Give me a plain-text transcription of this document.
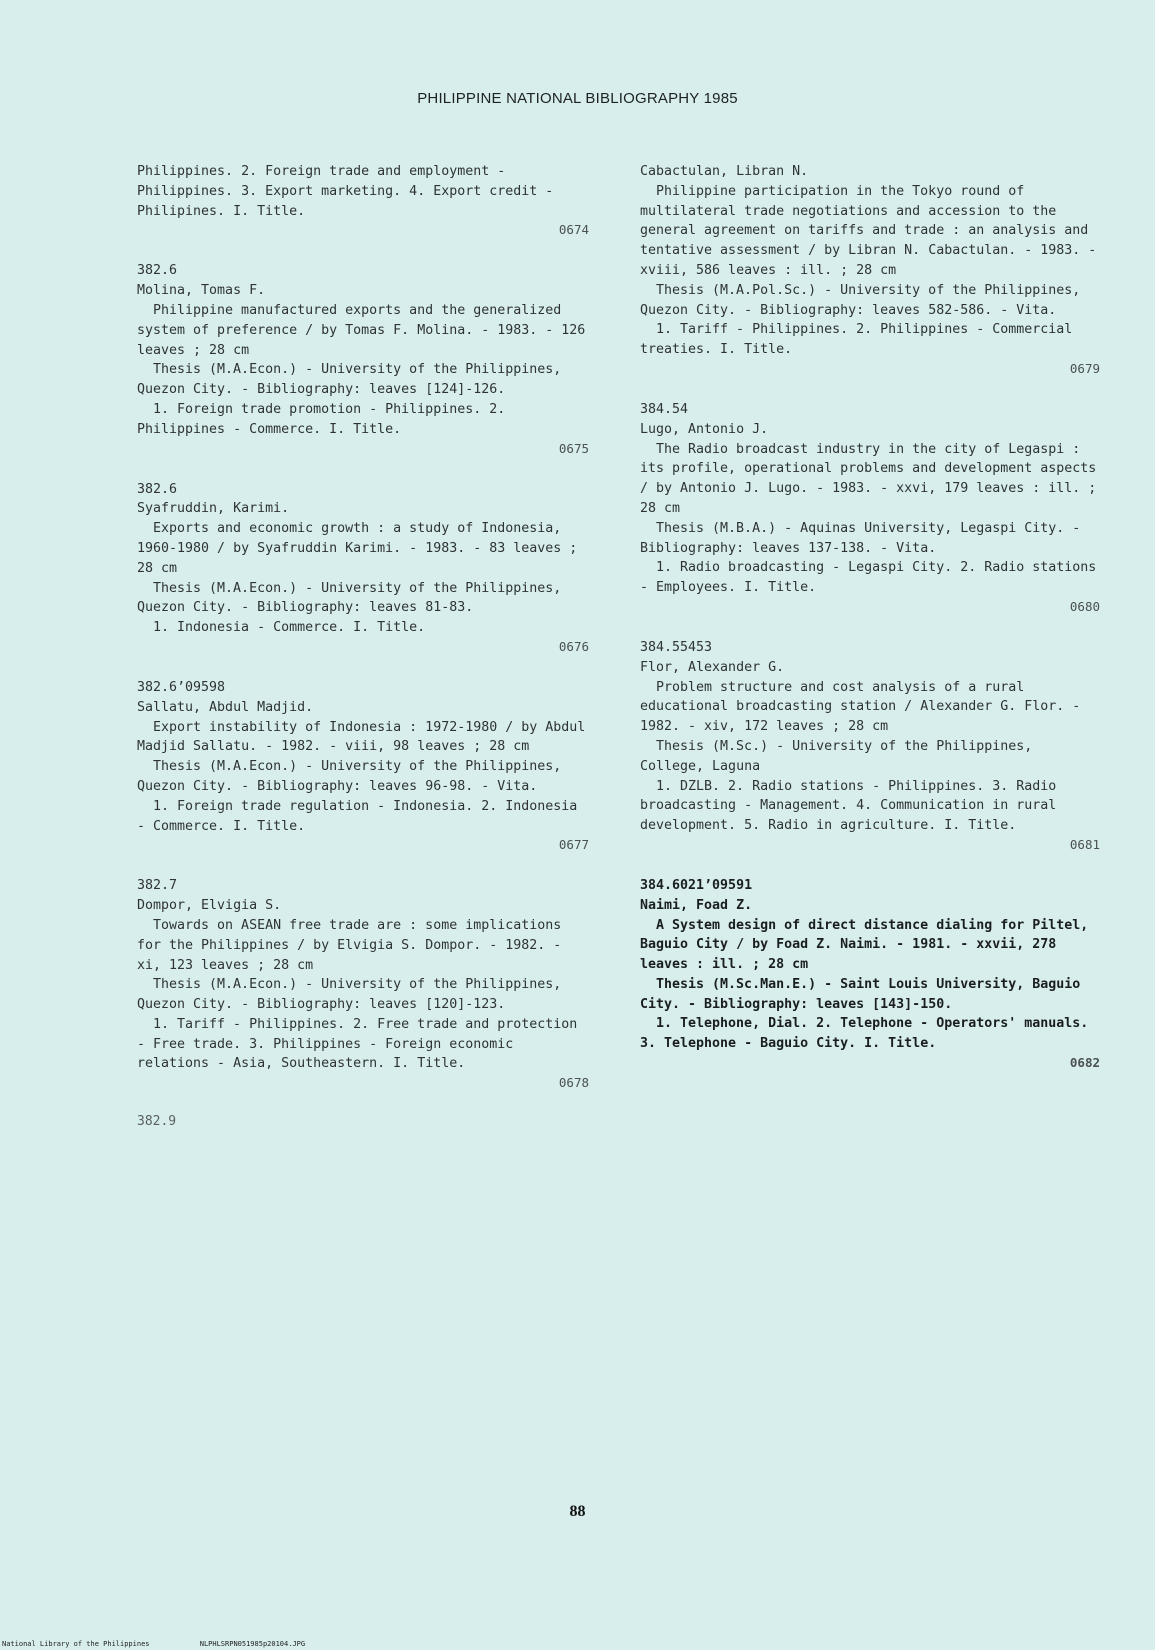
PHILIPPINE NATIONAL BIBLIOGRAPHY 1985

Philippines. 2. Foreign trade and employment - Philippines. 3. Export marketing. 4. Export credit - Philipines. I. Title.

0674

382.6

Molina, Tomas F.

Philippine manufactured exports and the generalized system of preference / by Tomas F. Molina. - 1983. - 126 leaves ; 28 cm

Thesis (M.A.Econ.) - University of the Philippines, Quezon City. - Bibliography: leaves [124]-126.

1. Foreign trade promotion - Philippines. 2. Philippines - Commerce. I. Title.

0675

382.6

Syafruddin, Karimi.

Exports and economic growth : a study of Indonesia, 1960-1980 / by Syafruddin Karimi. - 1983. - 83 leaves ; 28 cm

Thesis (M.A.Econ.) - University of the Philippines, Quezon City. - Bibliography: leaves 81-83.

1. Indonesia - Commerce. I. Title.

0676

382.6’09598

Sallatu, Abdul Madjid.

Export instability of Indonesia : 1972-1980 / by Abdul Madjid Sallatu. - 1982. - viii, 98 leaves ; 28 cm

Thesis (M.A.Econ.) - University of the Philippines, Quezon City. - Bibliography: leaves 96-98. - Vita.

1. Foreign trade regulation - Indonesia. 2. Indonesia - Commerce. I. Title.

0677

382.7

Dompor, Elvigia S.

Towards on ASEAN free trade are : some implications for the Philippines / by Elvigia S. Dompor. - 1982. - xi, 123 leaves ; 28 cm

Thesis (M.A.Econ.) - University of the Philippines, Quezon City. - Bibliography: leaves [120]-123.

1. Tariff - Philippines. 2. Free trade and protection - Free trade. 3. Philippines - Foreign economic relations - Asia, Southeastern. I. Title.

0678

382.9

Cabactulan, Libran N.

Philippine participation in the Tokyo round of multilateral trade negotiations and accession to the general agreement on tariffs and trade : an analysis and tentative assessment / by Libran N. Cabactulan. - 1983. - xviii, 586 leaves : ill. ; 28 cm

Thesis (M.A.Pol.Sc.) - University of the Philippines, Quezon City. - Bibliography: leaves 582-586. - Vita.

1. Tariff - Philippines. 2. Philippines - Commercial treaties. I. Title.

0679

384.54

Lugo, Antonio J.

The Radio broadcast industry in the city of Legaspi : its profile, operational problems and development aspects / by Antonio J. Lugo. - 1983. - xxvi, 179 leaves : ill. ; 28 cm

Thesis (M.B.A.) - Aquinas University, Legaspi City. - Bibliography: leaves 137-138. - Vita.

1. Radio broadcasting - Legaspi City. 2. Radio stations - Employees. I. Title.

0680

384.55453

Flor, Alexander G.

Problem structure and cost analysis of a rural educational broadcasting station / Alexander G. Flor. - 1982. - xiv, 172 leaves ; 28 cm

Thesis (M.Sc.) - University of the Philippines, College, Laguna

1. DZLB. 2. Radio stations - Philippines. 3. Radio broadcasting - Management. 4. Communication in rural development. 5. Radio in agriculture. I. Title.

0681

384.6021’09591

Naimi, Foad Z.

A System design of direct distance dialing for Piltel, Baguio City / by Foad Z. Naimi. - 1981. - xxvii, 278 leaves : ill. ; 28 cm

Thesis (M.Sc.Man.E.) - Saint Louis University, Baguio City. - Bibliography: leaves [143]-150.

1. Telephone, Dial. 2. Telephone - Operators' manuals. 3. Telephone - Baguio City. I. Title.

0682

88
National Library of the Philippines	NLPHLSRPN051985p20104.JPG
